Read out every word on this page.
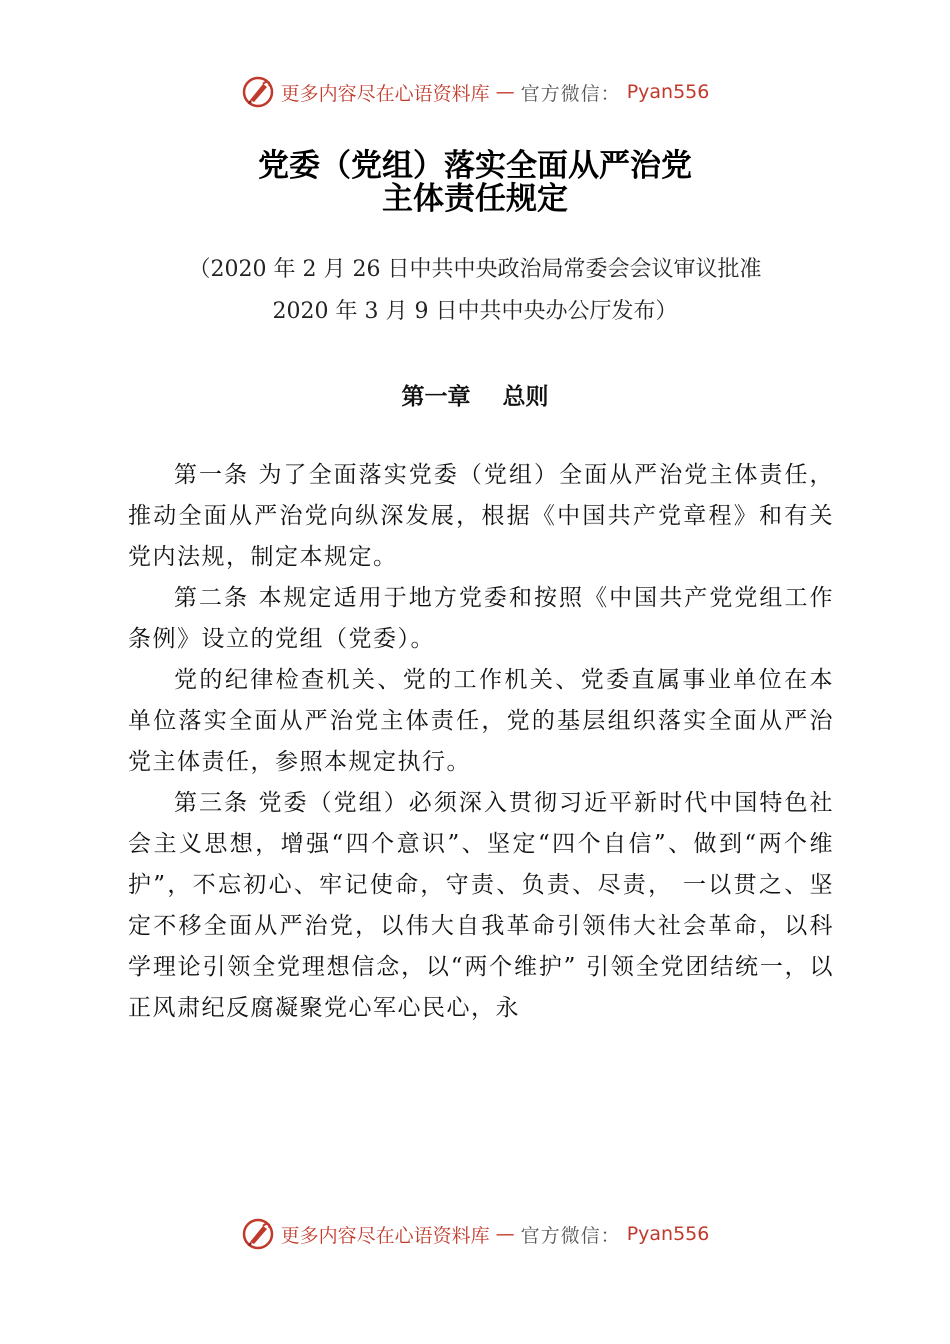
更多内容尽在心语资料库 — 官方微信： Pyan556
党委（党组）落实全面从严治党
主体责任规定
（2020 年 2 月 26 日中共中央政治局常委会会议审议批准
2020 年 3 月 9 日中共中央办公厅发布）
第一章    总则

第一条 为了全面落实党委（党组）全面从严治党主体责任，推动全面从严治党向纵深发展，根据《中国共产党章程》和有关党内法规，制定本规定。

第二条 本规定适用于地方党委和按照《中国共产党党组工作条例》设立的党组（党委）。

党的纪律检查机关、党的工作机关、党委直属事业单位在本单位落实全面从严治党主体责任，党的基层组织落实全面从严治党主体责任，参照本规定执行。

第三条 党委（党组）必须深入贯彻习近平新时代中国特色社会主义思想，增强“四个意识”、坚定“四个自信”、做到“两个维护”，不忘初心、牢记使命，守责、负责、尽责， 一以贯之、坚定不移全面从严治党，以伟大自我革命引领伟大社会革命，以科学理论引领全党理想信念，以“两个维护” 引领全党团结统一，以正风肃纪反腐凝聚党心军心民心，永

更多内容尽在心语资料库 — 官方微信： Pyan556
